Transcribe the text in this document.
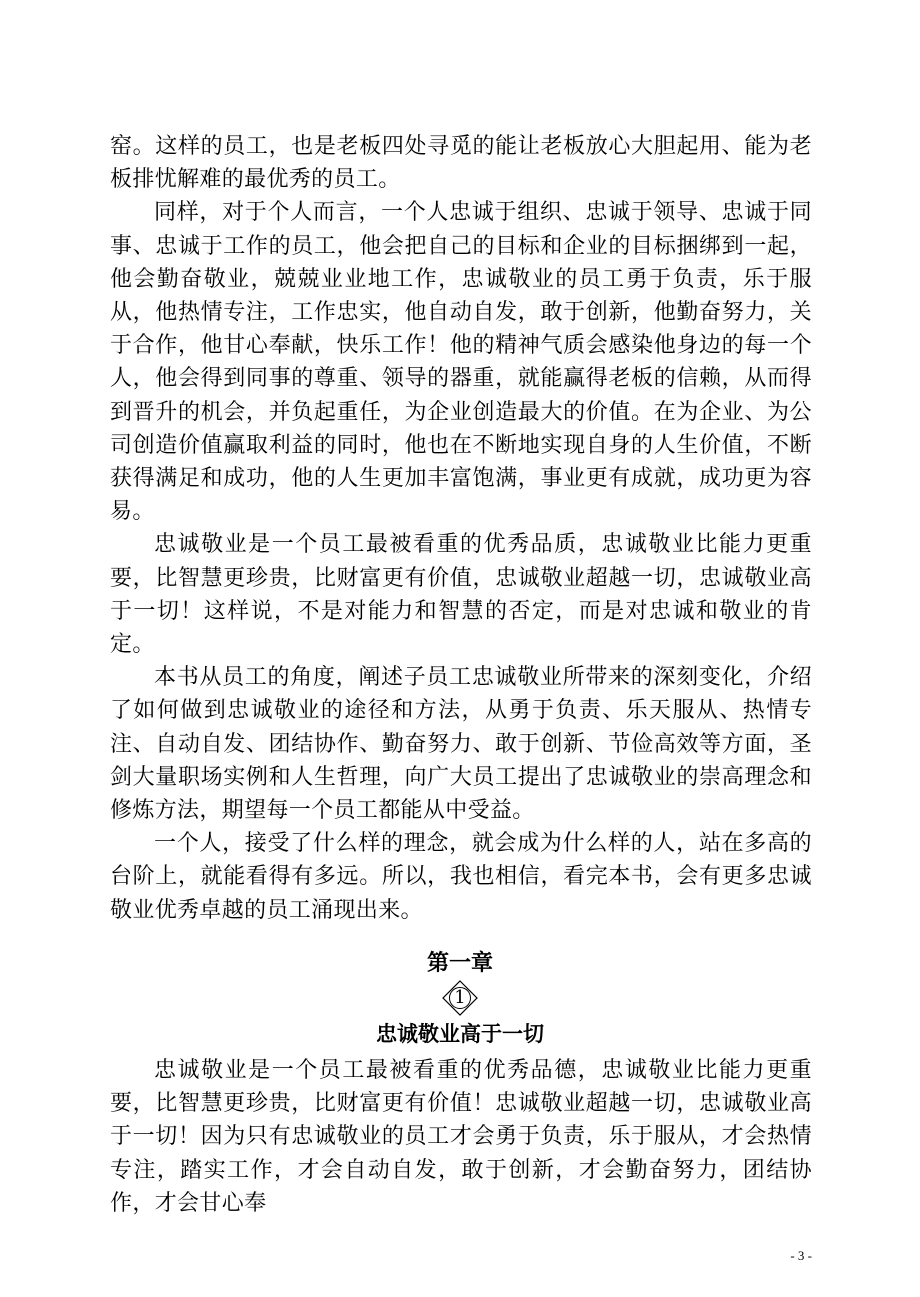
窑。这样的员工，也是老板四处寻觅的能让老板放心大胆起用、能为老板排忧解难的最优秀的员工。

同样，对于个人而言，一个人忠诚于组织、忠诚于领导、忠诚于同事、忠诚于工作的员工，他会把自己的目标和企业的目标捆绑到一起，他会勤奋敬业，兢兢业业地工作，忠诚敬业的员工勇于负责，乐于服从，他热情专注，工作忠实，他自动自发，敢于创新，他勤奋努力，关于合作，他甘心奉献，快乐工作！他的精神气质会感染他身边的每一个人，他会得到同事的尊重、领导的器重，就能赢得老板的信赖，从而得到晋升的机会，并负起重任，为企业创造最大的价值。在为企业、为公司创造价值赢取利益的同时，他也在不断地实现自身的人生价值，不断获得满足和成功，他的人生更加丰富饱满，事业更有成就，成功更为容易。

忠诚敬业是一个员工最被看重的优秀品质，忠诚敬业比能力更重要，比智慧更珍贵，比财富更有价值，忠诚敬业超越一切，忠诚敬业高于一切！这样说，不是对能力和智慧的否定，而是对忠诚和敬业的肯定。

本书从员工的角度，阐述子员工忠诚敬业所带来的深刻变化，介绍了如何做到忠诚敬业的途径和方法，从勇于负责、乐天服从、热情专注、自动自发、团结协作、勤奋努力、敢于创新、节俭高效等方面，圣剑大量职场实例和人生哲理，向广大员工提出了忠诚敬业的崇高理念和修炼方法，期望每一个员工都能从中受益。

一个人，接受了什么样的理念，就会成为什么样的人，站在多高的台阶上，就能看得有多远。所以，我也相信，看完本书，会有更多忠诚敬业优秀卓越的员工涌现出来。

第一章
1
忠诚敬业高于一切

忠诚敬业是一个员工最被看重的优秀品德，忠诚敬业比能力更重要，比智慧更珍贵，比财富更有价值！忠诚敬业超越一切，忠诚敬业高于一切！因为只有忠诚敬业的员工才会勇于负责，乐于服从，才会热情专注，踏实工作，才会自动自发，敢于创新，才会勤奋努力，团结协作，才会甘心奉

- 3 -
